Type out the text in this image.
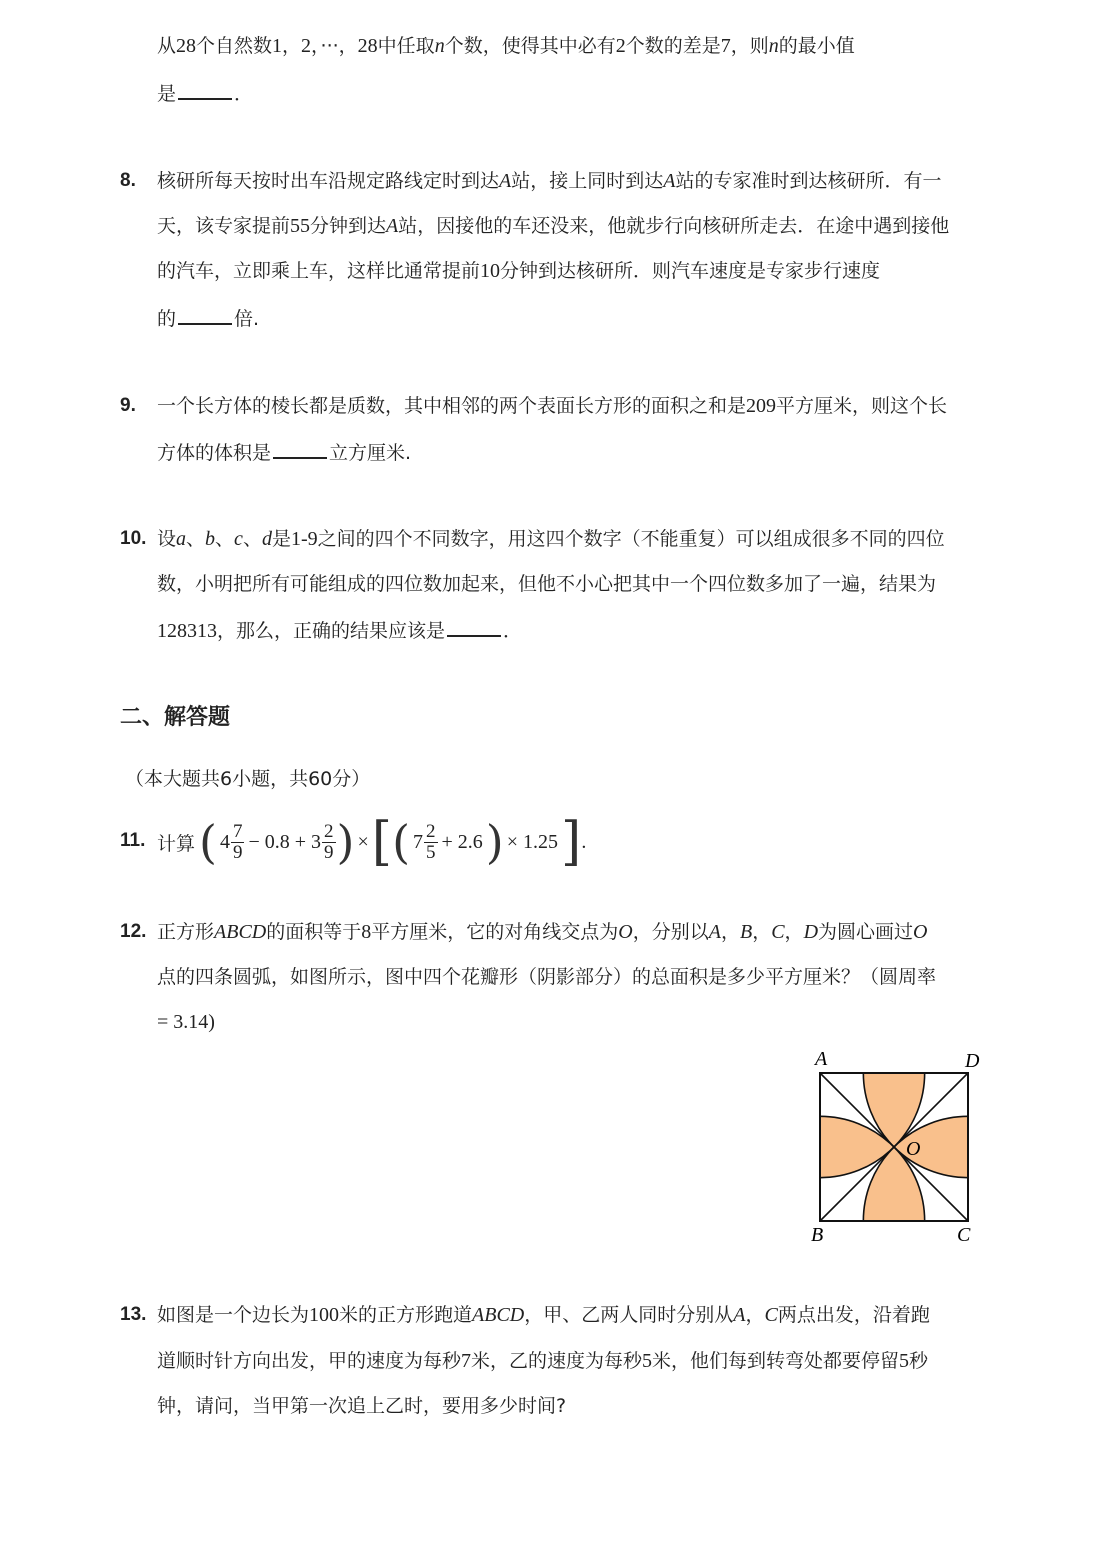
从28个自然数1，2，···，28中任取n个数，使得其中必有2个数的差是7，则n的最小值
是	．
8. 核研所每天按时出车沿规定路线定时到达A站，接上同时到达A站的专家准时到达核研所．有一
天，该专家提前55分钟到达A站，因接他的车还没来，他就步行向核研所走去．在途中遇到接他
的汽车，立即乘上车，这样比通常提前10分钟到达核研所．则汽车速度是专家步行速度
的	倍.
9. 一个长方体的棱长都是质数，其中相邻的两个表面长方形的面积之和是209平方厘米，则这个长
方体的体积是	立方厘米.
10. 设a、b、c、d是1-9之间的四个不同数字，用这四个数字（不能重复）可以组成很多不同的四位
数，小明把所有可能组成的四位数加起来，但他不小心把其中一个四位数多加了一遍，结果为
128313，那么，正确的结果应该是	．
二、解答题
（本大题共6小题，共60分）
11. 计算 ( $4 \frac{7}{9} - 0.8 + 3 \frac{2}{9}$ ) × [ ( $7 \frac{2}{5} + 2.6$ ) × 1.25 ] .
12. 正方形ABCD的面积等于8平方厘米，它的对角线交点为O，分别以A，B，C，D为圆心画过O
点的四条圆弧，如图所示，图中四个花瓣形（阴影部分）的总面积是多少平方厘米？（圆周率
= 3.14)
A	D
B	C
O
13. 如图是一个边长为100米的正方形跑道ABCD，甲、乙两人同时分别从A，C两点出发，沿着跑
道顺时针方向出发，甲的速度为每秒7米，乙的速度为每秒5米，他们每到转弯处都要停留5秒
钟，请问，当甲第一次追上乙时，要用多少时间?
